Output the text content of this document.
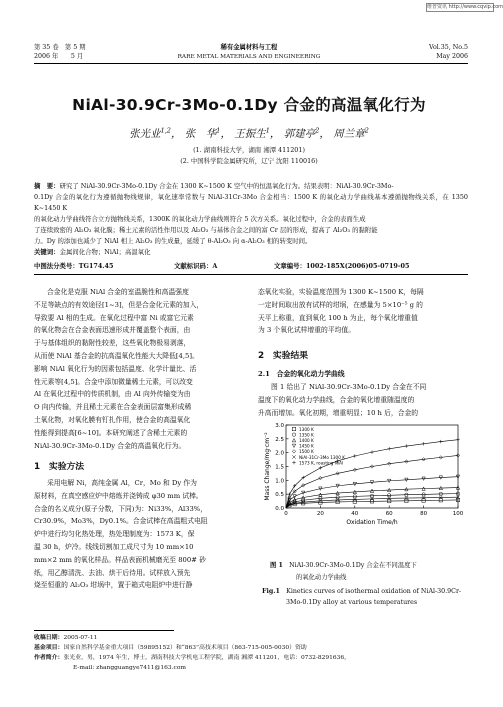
维普资讯 http://www.cqvip.com
第 35 卷　第 5 期
2006 年　　5 月
稀有金属材料与工程
RARE METAL MATERIALS AND ENGINEERING
Vol.35, No.5
May 2006
NiAl-30.9Cr-3Mo-0.1Dy 合金的高温氧化行为
张光业$^{1,2}$， 张　华$^1$， 王振生$^1$， 郭建亭$^2$， 周兰章$^2$
(1. 湖南科技大学，湖南 湘潭 411201)
(2. 中国科学院金属研究所，辽宁 沈阳 110016)
摘　要：研究了 NiAl-30.9Cr-3Mo-0.1Dy 合金在 1300 K~1500 K 空气中的恒温氧化行为。结果表明：NiAl-30.9Cr-3Mo-
0.1Dy 合金的氧化行为遵循抛物线规律，氧化速率常数与 NiAl-31Cr-3Mo 合金相当：1500 K 的氧化动力学曲线基本遵循抛物线关系，在 1350 K~1450 K
的氧化动力学曲线符合立方抛物线关系，1300K 的氧化动力学曲线则符合 5 次方关系。氧化过程中，合金的表面生成
了连续致密的 Al₂O₃ 氧化膜；稀土元素的活性作用以及 Al₂O₃ 与基体合金之间的富 Cr 层的形成，提高了 Al₂O₃ 的黏附能
力。Dy 的添加也减少了 NiAl 相上 Al₂O₃ 的生成量，延缓了 θ-Al₂O₃ 向 α-Al₂O₃ 相的转变时间。
关键词：金属间化合物；NiAl；高温氧化
中图法分类号：TG174.45	文献标识码：A	文章编号：1002-185X(2006)05-0719-05
合金化是克服 NiAl 合金的室温脆性和高温强度
不足等缺点的有效途径[1~3]，但是合金化元素的加入，
导致要 Al 相的生成。在氧化过程中富 Ni 或富它元素
的氧化物会在合金表面迅速形成并覆盖整个表面，由
于与基体组织的黏附性较差，这些氧化物极易剥落，
从而使 NiAl 基合金的抗高温氧化性能大大降低[4,5]。
影响 NiAl 氧化行为的因素包括温度、化学计量比、活
性元素等[4,5]。合金中添加微量稀土元素，可以改变
Al 在氧化过程中的传质机制，由 Al 向外传输变为由
O 向内传输，并且稀土元素在合金表面层富集形成稀
土氧化物，对氧化膜有钉扎作用，使合金的高温氧化
性能得到提高[6~10]。本研究阐述了含稀土元素的
NiAl-30.9Cr-3Mo-0.1Dy 合金的高温氧化行为。
1　实验方法
采用电解 Ni，高纯金属 Al，Cr，Mo 和 Dy 作为
原材料，在真空感应炉中熔炼并浇铸成 φ30 mm 试棒。
合金的名义成分(原子分数，下同)为：Ni33%，Al33%，
Cr30.9%，Mo3%，Dy0.1%。合金试棒在高温粗式电阻
炉中进行均匀化热处理，热处理制度为：1573 K，保
温 30 h，炉冷。线线切割加工成尺寸为 10 mm×10
mm×2 mm 的氧化样品。样品表面机械磨光至 800# 砂
纸，用乙醇清洗、去油、烘干后待用。试样放入预先
烧至恒重的 Al₂O₃ 坩埚中，置于箱式电阻炉中进行静
态氧化实验，实验温度范围为 1300 K~1500 K，每隔
一定时间取出放有试样的坩埚，在感量为 5×10⁻⁵ g 的
天平上称重，直到氧化 100 h 为止，每个氧化增重值
为 3 个氧化试样增重的平均值。
2　实验结果
2.1　合金的氧化动力学曲线
图 1 给出了 NiAl-30.9Cr-3Mo-0.1Dy 合金在不同
温度下的氧化动力学曲线，合金的氧化增重随温度的
升高而增加。氧化初期，增重明显；10 h 后，合金的
0	20	40	60	80	100
0.0
0.5
1.0
1.5
2.0
2.5
3.0
Oxidation Time/h
Mass Change/mg·cm⁻²
1300 K
1350 K
1400 K
1450 K
1500 K
NiAl-31Cr-3Mo 1300 K
1573 K, roasting NiAl
图 1　 NiAl-30.9Cr-3Mo-0.1Dy 合金在不同温度下
的氧化动力学曲线
Fig.1　 Kinetics curves of isothermal oxidation of NiAl-30.9Cr-
3Mo-0.1Dy alloy at various temperatures
收稿日期：2005-07-11
基金项目：国家自然科学基金重大项目（59895152）和“863”高技术项目（863-715-005-0030）资助
作者简介：张光业，男，1974 年生，博士，湖南科技大学机电工程学院，湖南 湘潭 411201，电话：0732-8291636，
E-mail: zhangguangye7411@163.com
